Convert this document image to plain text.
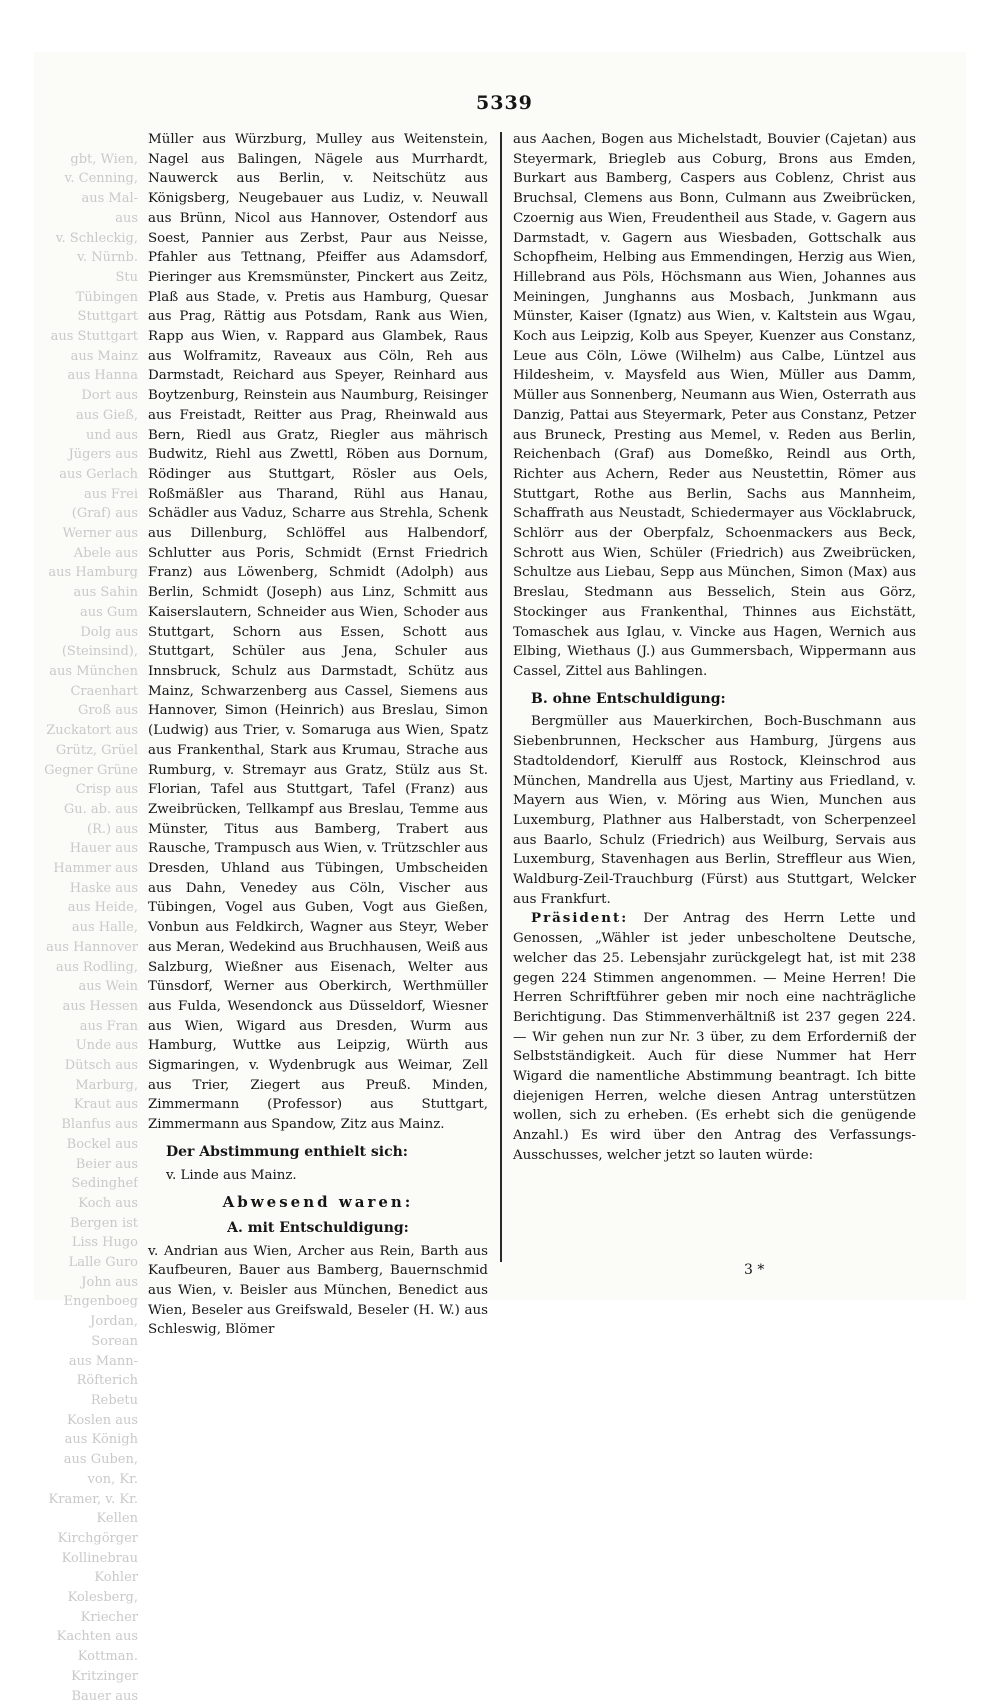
gbt, Wien,
v. Cenning,
aus Mal-
aus
v. Schleckig,
v. Nürnb.
Stu
Tübingen
Stuttgart
aus Stuttgart
aus Mainz
aus Hanna
Dort aus
aus Gieß,
und aus
Jügers aus
aus Gerlach
aus Frei
(Graf) aus
Werner aus
Abele aus
aus Hamburg
aus Sahin
aus Gum
Dolg aus
(Steinsind),
aus München
Craenhart
Groß aus
Zuckatort aus
Grütz, Grüel
Gegner Grüne
Crisp aus
Gu. ab. aus
(R.) aus
Hauer aus
Hammer aus
Haske aus
aus Heide,
aus Halle,
aus Hannover
aus Rodling,
aus Wein
aus Hessen
aus Fran
Unde aus
Dütsch aus
Marburg,
Kraut aus
Blanfus aus
Bockel aus
Beier aus
Sedinghef
Koch aus
Bergen ist
Liss Hugo
Lalle Guro
John aus
Engenboeg
Jordan,
Sorean
aus Mann-
Röfterich
Rebetu
Koslen aus
aus Königh
aus Guben,
von, Kr.
Kramer, v. Kr.
Kellen
Kirchgörger
Kollinebrau
Kohler
Kolesberg,
Kriecher
Kachten aus
Kottman.
Kritzinger
Bauer aus
5339

Müller aus Würzburg, Mulley aus Weitenstein, Nagel aus Balingen, Nägele aus Murrhardt, Nauwerck aus Berlin, v. Neitschütz aus Königsberg, Neugebauer aus Ludiz, v. Neuwall aus Brünn, Nicol aus Hannover, Ostendorf aus Soest, Pannier aus Zerbst, Paur aus Neisse, Pfahler aus Tettnang, Pfeiffer aus Adamsdorf, Pieringer aus Kremsmünster, Pinckert aus Zeitz, Plaß aus Stade, v. Pretis aus Hamburg, Quesar aus Prag, Rättig aus Potsdam, Rank aus Wien, Rapp aus Wien, v. Rappard aus Glambek, Raus aus Wolframitz, Raveaux aus Cöln, Reh aus Darmstadt, Reichard aus Speyer, Reinhard aus Boytzenburg, Reinstein aus Naumburg, Reisinger aus Freistadt, Reitter aus Prag, Rheinwald aus Bern, Riedl aus Gratz, Riegler aus mährisch Budwitz, Riehl aus Zwettl, Röben aus Dornum, Rödinger aus Stuttgart, Rösler aus Oels, Roßmäßler aus Tharand, Rühl aus Hanau, Schädler aus Vaduz, Scharre aus Strehla, Schenk aus Dillenburg, Schlöffel aus Halbendorf, Schlutter aus Poris, Schmidt (Ernst Friedrich Franz) aus Löwenberg, Schmidt (Adolph) aus Berlin, Schmidt (Joseph) aus Linz, Schmitt aus Kaiserslautern, Schneider aus Wien, Schoder aus Stuttgart, Schorn aus Essen, Schott aus Stuttgart, Schüler aus Jena, Schuler aus Innsbruck, Schulz aus Darmstadt, Schütz aus Mainz, Schwarzenberg aus Cassel, Siemens aus Hannover, Simon (Heinrich) aus Breslau, Simon (Ludwig) aus Trier, v. Somaruga aus Wien, Spatz aus Frankenthal, Stark aus Krumau, Strache aus Rumburg, v. Stremayr aus Gratz, Stülz aus St. Florian, Tafel aus Stuttgart, Tafel (Franz) aus Zweibrücken, Tellkampf aus Breslau, Temme aus Münster, Titus aus Bamberg, Trabert aus Rausche, Trampusch aus Wien, v. Trützschler aus Dresden, Uhland aus Tübingen, Umbscheiden aus Dahn, Venedey aus Cöln, Vischer aus Tübingen, Vogel aus Guben, Vogt aus Gießen, Vonbun aus Feldkirch, Wagner aus Steyr, Weber aus Meran, Wedekind aus Bruchhausen, Weiß aus Salzburg, Wießner aus Eisenach, Welter aus Tünsdorf, Werner aus Oberkirch, Werthmüller aus Fulda, Wesendonck aus Düsseldorf, Wiesner aus Wien, Wigard aus Dresden, Wurm aus Hamburg, Wuttke aus Leipzig, Würth aus Sigmaringen, v. Wydenbrugk aus Weimar, Zell aus Trier, Ziegert aus Preuß. Minden, Zimmermann (Professor) aus Stuttgart, Zimmermann aus Spandow, Zitz aus Mainz.

Der Abstimmung enthielt sich:

v. Linde aus Mainz.

Abwesend waren:

A. mit Entschuldigung:

v. Andrian aus Wien, Archer aus Rein, Barth aus Kaufbeuren, Bauer aus Bamberg, Bauernschmid aus Wien, v. Beisler aus München, Benedict aus Wien, Beseler aus Greifswald, Beseler (H. W.) aus Schleswig, Blömer

aus Aachen, Bogen aus Michelstadt, Bouvier (Cajetan) aus Steyermark, Briegleb aus Coburg, Brons aus Emden, Burkart aus Bamberg, Caspers aus Coblenz, Christ aus Bruchsal, Clemens aus Bonn, Culmann aus Zweibrücken, Czoernig aus Wien, Freudentheil aus Stade, v. Gagern aus Darmstadt, v. Gagern aus Wiesbaden, Gottschalk aus Schopfheim, Helbing aus Emmendingen, Herzig aus Wien, Hillebrand aus Pöls, Höchsmann aus Wien, Johannes aus Meiningen, Junghanns aus Mosbach, Junkmann aus Münster, Kaiser (Ignatz) aus Wien, v. Kaltstein aus Wgau, Koch aus Leipzig, Kolb aus Speyer, Kuenzer aus Constanz, Leue aus Cöln, Löwe (Wilhelm) aus Calbe, Lüntzel aus Hildesheim, v. Maysfeld aus Wien, Müller aus Damm, Müller aus Sonnenberg, Neumann aus Wien, Osterrath aus Danzig, Pattai aus Steyermark, Peter aus Constanz, Petzer aus Bruneck, Presting aus Memel, v. Reden aus Berlin, Reichenbach (Graf) aus Domeßko, Reindl aus Orth, Richter aus Achern, Reder aus Neustettin, Römer aus Stuttgart, Rothe aus Berlin, Sachs aus Mannheim, Schaffrath aus Neustadt, Schiedermayer aus Vöcklabruck, Schlörr aus der Oberpfalz, Schoenmackers aus Beck, Schrott aus Wien, Schüler (Friedrich) aus Zweibrücken, Schultze aus Liebau, Sepp aus München, Simon (Max) aus Breslau, Stedmann aus Besselich, Stein aus Görz, Stockinger aus Frankenthal, Thinnes aus Eichstätt, Tomaschek aus Iglau, v. Vincke aus Hagen, Wernich aus Elbing, Wiethaus (J.) aus Gummersbach, Wippermann aus Cassel, Zittel aus Bahlingen.

B. ohne Entschuldigung:

Bergmüller aus Mauerkirchen, Boch-Buschmann aus Siebenbrunnen, Heckscher aus Hamburg, Jürgens aus Stadtoldendorf, Kierulff aus Rostock, Kleinschrod aus München, Mandrella aus Ujest, Martiny aus Friedland, v. Mayern aus Wien, v. Möring aus Wien, Munchen aus Luxemburg, Plathner aus Halberstadt, von Scherpenzeel aus Baarlo, Schulz (Friedrich) aus Weilburg, Servais aus Luxemburg, Stavenhagen aus Berlin, Streffleur aus Wien, Waldburg-Zeil-Trauchburg (Fürst) aus Stuttgart, Welcker aus Frankfurt.

Präsident: Der Antrag des Herrn Lette und Genossen, „Wähler ist jeder unbescholtene Deutsche, welcher das 25. Lebensjahr zurückgelegt hat, ist mit 238 gegen 224 Stimmen angenommen. — Meine Herren! Die Herren Schriftführer geben mir noch eine nachträgliche Berichtigung. Das Stimmenverhältniß ist 237 gegen 224. — Wir gehen nun zur Nr. 3 über, zu dem Erforderniß der Selbstständigkeit. Auch für diese Nummer hat Herr Wigard die namentliche Abstimmung beantragt. Ich bitte diejenigen Herren, welche diesen Antrag unterstützen wollen, sich zu erheben. (Es erhebt sich die genügende Anzahl.) Es wird über den Antrag des Verfassungs-Ausschusses, welcher jetzt so lauten würde:

3 *
